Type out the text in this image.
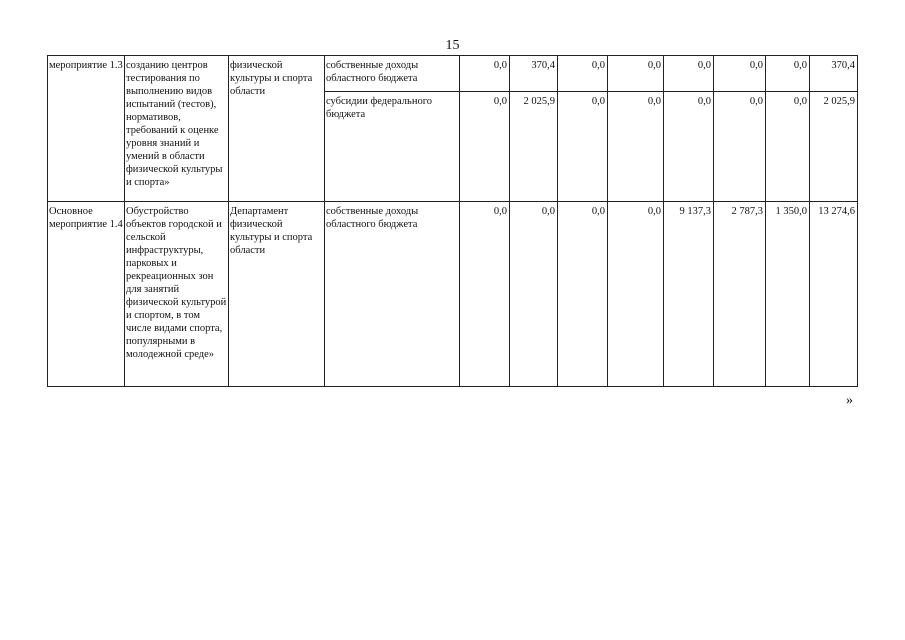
15
мероприятие 1.3	созданию центров тестирования по выполнению видов испытаний (тестов), нормативов, требований к оценке уровня знаний и умений в области физической культуры и спорта»	физической культуры и спорта области	собственные доходы областного бюджета	0,0	370,4	0,0	0,0	0,0	0,0	0,0	370,4
			субсидии федерального бюджета	0,0	2 025,9	0,0	0,0	0,0	0,0	0,0	2 025,9
Основное мероприятие 1.4	Обустройство объектов городской и сельской инфраструктуры, парковых и рекреационных зон для занятий физической культурой и спортом, в том числе видами спорта, популярными в молодежной среде»	Департамент физической культуры и спорта области	собственные доходы областного бюджета	0,0	0,0	0,0	0,0	9 137,3	2 787,3	1 350,0	13 274,6
»
